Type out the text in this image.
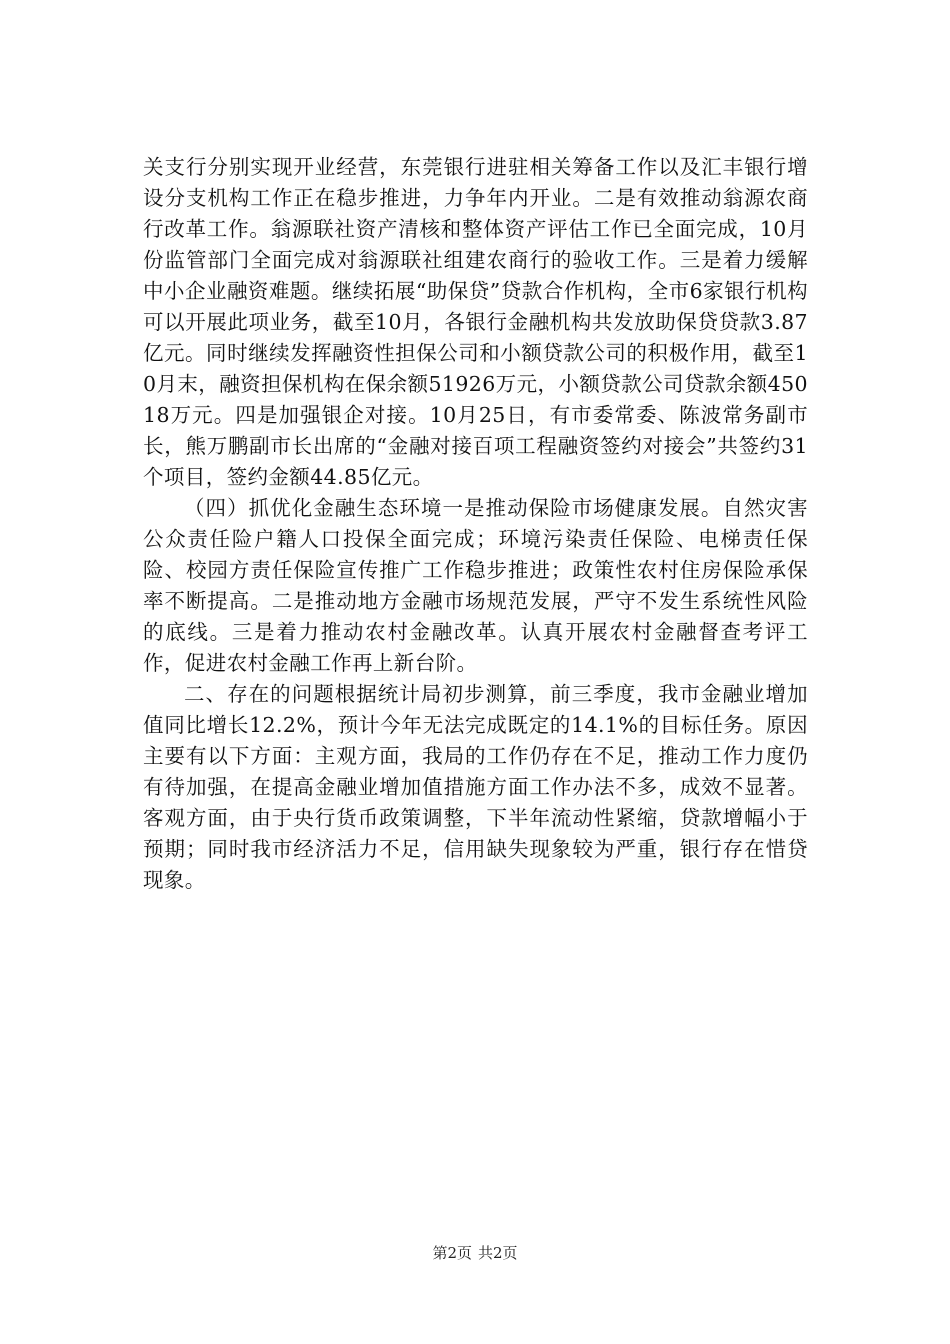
关支行分别实现开业经营，东莞银行进驻相关筹备工作以及汇丰银行增设分支机构工作正在稳步推进，力争年内开业。二是有效推动翁源农商行改革工作。翁源联社资产清核和整体资产评估工作已全面完成，10月份监管部门全面完成对翁源联社组建农商行的验收工作。三是着力缓解中小企业融资难题。继续拓展“助保贷”贷款合作机构，全市6家银行机构可以开展此项业务，截至10月，各银行金融机构共发放助保贷贷款3.87亿元。同时继续发挥融资性担保公司和小额贷款公司的积极作用，截至10月末，融资担保机构在保余额51926万元，小额贷款公司贷款余额45018万元。四是加强银企对接。10月25日，有市委常委、陈波常务副市长，熊万鹏副市长出席的“金融对接百项工程融资签约对接会”共签约31个项目，签约金额44.85亿元。

（四）抓优化金融生态环境一是推动保险市场健康发展。自然灾害公众责任险户籍人口投保全面完成；环境污染责任保险、电梯责任保险、校园方责任保险宣传推广工作稳步推进；政策性农村住房保险承保率不断提高。二是推动地方金融市场规范发展，严守不发生系统性风险的底线。三是着力推动农村金融改革。认真开展农村金融督查考评工作，促进农村金融工作再上新台阶。

二、存在的问题根据统计局初步测算，前三季度，我市金融业增加值同比增长12.2%，预计今年无法完成既定的14.1%的目标任务。原因主要有以下方面：主观方面，我局的工作仍存在不足，推动工作力度仍有待加强，在提高金融业增加值措施方面工作办法不多，成效不显著。客观方面，由于央行货币政策调整，下半年流动性紧缩，贷款增幅小于预期；同时我市经济活力不足，信用缺失现象较为严重，银行存在惜贷现象。

第2页 共2页
